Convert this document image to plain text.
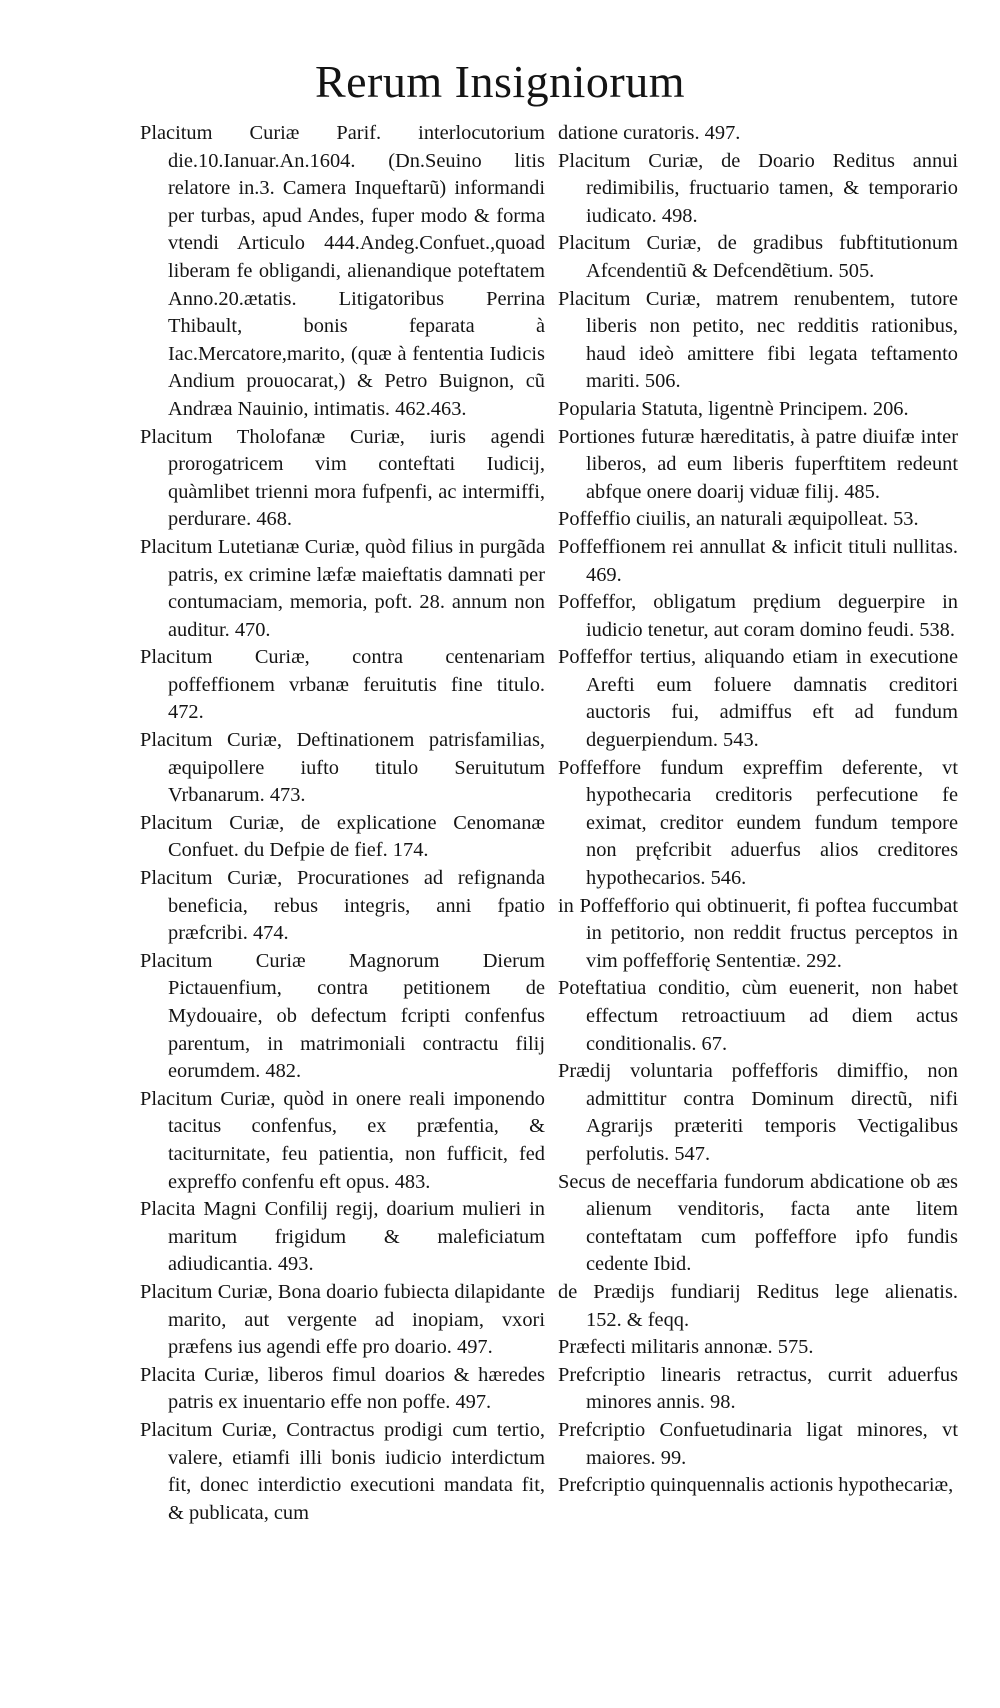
Rerum Insigniorum

Placitum Curiæ Parif. interlocutorium die.10.Ianuar.An.1604. (Dn.Seuino litis relatore in.3. Camera Inqueftarũ) informandi per turbas, apud Andes, fuper modo & forma vtendi Articulo 444.Andeg.Confuet.,quoad liberam fe obligandi, alienandique poteftatem Anno.20.ætatis. Litigatoribus Perrina Thibault, bonis feparata à Iac.Mercatore,marito, (quæ à fententia Iudicis Andium prouocarat,) & Petro Buignon, cũ Andræa Nauinio, intimatis. 462.463.

Placitum Tholofanæ Curiæ, iuris agendi prorogatricem vim conteftati Iudicij, quàmlibet trienni mora fufpenfi, ac intermiffi, perdurare. 468.

Placitum Lutetianæ Curiæ, quòd filius in purgãda patris, ex crimine læfæ maieftatis damnati per contumaciam, memoria, poft. 28. annum non auditur. 470.

Placitum Curiæ, contra centenariam poffeffionem vrbanæ feruitutis fine titulo. 472.

Placitum Curiæ, Deftinationem patrisfamilias, æquipollere iufto titulo Seruitutum Vrbanarum. 473.

Placitum Curiæ, de explicatione Cenomanæ Confuet. du Defpie de fief. 174.

Placitum Curiæ, Procurationes ad refignanda beneficia, rebus integris, anni fpatio præfcribi. 474.

Placitum Curiæ Magnorum Dierum Pictauenfium, contra petitionem de Mydouaire, ob defectum fcripti confenfus parentum, in matrimoniali contractu filij eorumdem. 482.

Placitum Curiæ, quòd in onere reali imponendo tacitus confenfus, ex præfentia, & taciturnitate, feu patientia, non fufficit, fed expreffo confenfu eft opus. 483.

Placita Magni Confilij regij, doarium mulieri in maritum frigidum & maleficiatum adiudicantia. 493.

Placitum Curiæ, Bona doario fubiecta dilapidante marito, aut vergente ad inopiam, vxori præfens ius agendi effe pro doario. 497.

Placita Curiæ, liberos fimul doarios & hæredes patris ex inuentario effe non poffe. 497.

Placitum Curiæ, Contractus prodigi cum tertio, valere, etiamfi illi bonis iudicio interdictum fit, donec interdictio executioni mandata fit, & publicata, cum

datione curatoris. 497.

Placitum Curiæ, de Doario Reditus annui redimibilis, fructuario tamen, & temporario iudicato. 498.

Placitum Curiæ, de gradibus fubftitutionum Afcendentiũ & Defcendẽtium. 505.

Placitum Curiæ, matrem renubentem, tutore liberis non petito, nec redditis rationibus, haud ideò amittere fibi legata teftamento mariti. 506.

Popularia Statuta, ligentnè Principem. 206.

Portiones futuræ hæreditatis, à patre diuifæ inter liberos, ad eum liberis fuperftitem redeunt abfque onere doarij viduæ filij. 485.

Poffeffio ciuilis, an naturali æquipolleat. 53.

Poffeffionem rei annullat & inficit tituli nullitas. 469.

Poffeffor, obligatum prędium deguerpire in iudicio tenetur, aut coram domino feudi. 538.

Poffeffor tertius, aliquando etiam in executione Arefti eum foluere damnatis creditori auctoris fui, admiffus eft ad fundum deguerpiendum. 543.

Poffeffore fundum expreffim deferente, vt hypothecaria creditoris perfecutione fe eximat, creditor eundem fundum tempore non pręfcribit aduerfus alios creditores hypothecarios. 546.

in Poffefforio qui obtinuerit, fi poftea fuccumbat in petitorio, non reddit fructus perceptos in vim poffefforię Sententiæ. 292.

Poteftatiua conditio, cùm euenerit, non habet effectum retroactiuum ad diem actus conditionalis. 67.

Prædij voluntaria poffefforis dimiffio, non admittitur contra Dominum directũ, nifi Agrarijs præteriti temporis Vectigalibus perfolutis. 547.

Secus de neceffaria fundorum abdicatione ob æs alienum venditoris, facta ante litem conteftatam cum poffeffore ipfo fundis cedente Ibid.

de Prædijs fundiarij Reditus lege alienatis. 152. & feqq.

Præfecti militaris annonæ. 575.

Prefcriptio linearis retractus, currit aduerfus minores annis. 98.

Prefcriptio Confuetudinaria ligat minores, vt maiores. 99.

Prefcriptio quinquennalis actionis hypothecariæ,
